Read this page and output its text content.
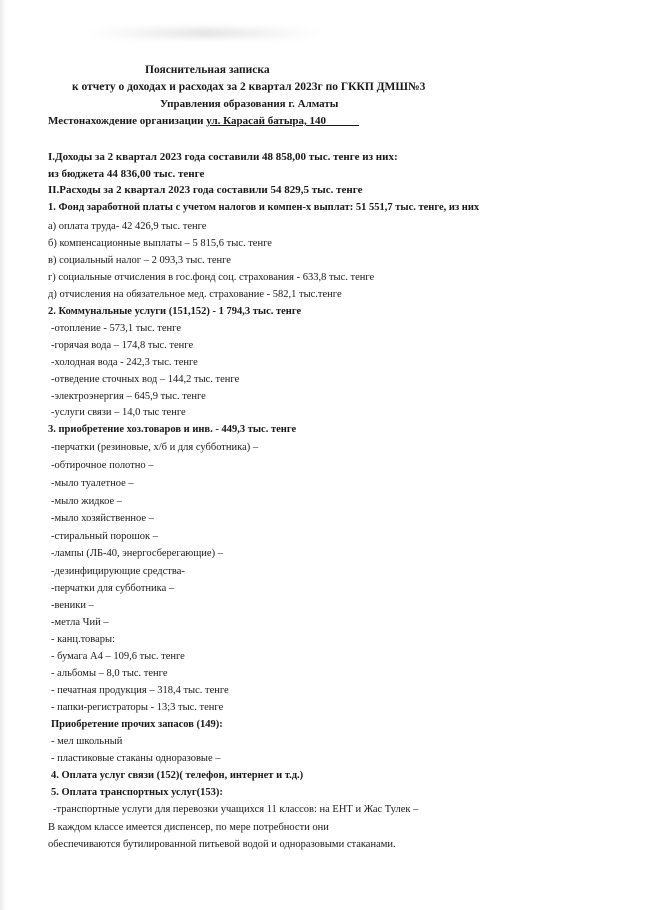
Пояснительная записка
к отчету о доходах и расходах за 2 квартал 2023г по ГККП ДМШ№3
Управления образования г. Алматы
Местонахождение организации ул. Карасай батыра, 140
I.Доходы за 2 квартал 2023 года составили 48 858,00 тыс. тенге из них:
из бюджета 44 836,00 тыс. тенге
II.Расходы за 2 квартал 2023 года составили 54 829,5 тыс. тенге
1. Фонд заработной платы с учетом налогов и компен-х выплат: 51 551,7 тыс. тенге, из них
а) оплата труда- 42 426,9 тыс. тенге
б) компенсационные выплаты – 5 815,6 тыс. тенге
в) социальный налог – 2 093,3 тыс. тенге
г) социальные отчисления в гос.фонд соц. страхования - 633,8 тыс. тенге
д) отчисления на обязательное мед. страхование - 582,1 тыс.тенге
2. Коммунальные услуги (151,152) - 1 794,3 тыс. тенге
-отопление - 573,1 тыс. тенге
-горячая вода – 174,8 тыс. тенге
-холодная вода - 242,3 тыс. тенге
-отведение сточных вод – 144,2 тыс. тенге
-электроэнергия – 645,9 тыс. тенге
-услуги связи – 14,0 тыс тенге
3. приобретение хоз.товаров и инв. - 449,3 тыс. тенге
-перчатки (резиновые, х/б и для субботника) –
-обтирочное полотно –
-мыло туалетное –
-мыло жидкое –
-мыло хозяйственное –
-стиральный порошок –
-лампы (ЛБ-40, энергосберегающие) –
-дезинфицирующие средства-
-перчатки для субботника –
-веники –
-метла Чий –
- канц.товары:
- бумага А4 – 109,6 тыс. тенге
- альбомы – 8,0 тыс. тенге
- печатная продукция – 318,4 тыс. тенге
- папки-регистраторы - 13;3 тыс. тенге
Приобретение прочих запасов (149):
- мел школьный
- пластиковые стаканы одноразовые –
4. Оплата услуг связи (152)( телефон, интернет и т.д.)
5. Оплата транспортных услуг(153):
-транспортные услуги для перевозки учащихся 11 классов: на ЕНТ и Жас Тулек –
В каждом классе имеется диспенсер, по мере потребности они
обеспечиваются бутилированной питьевой водой и одноразовыми стаканами.
